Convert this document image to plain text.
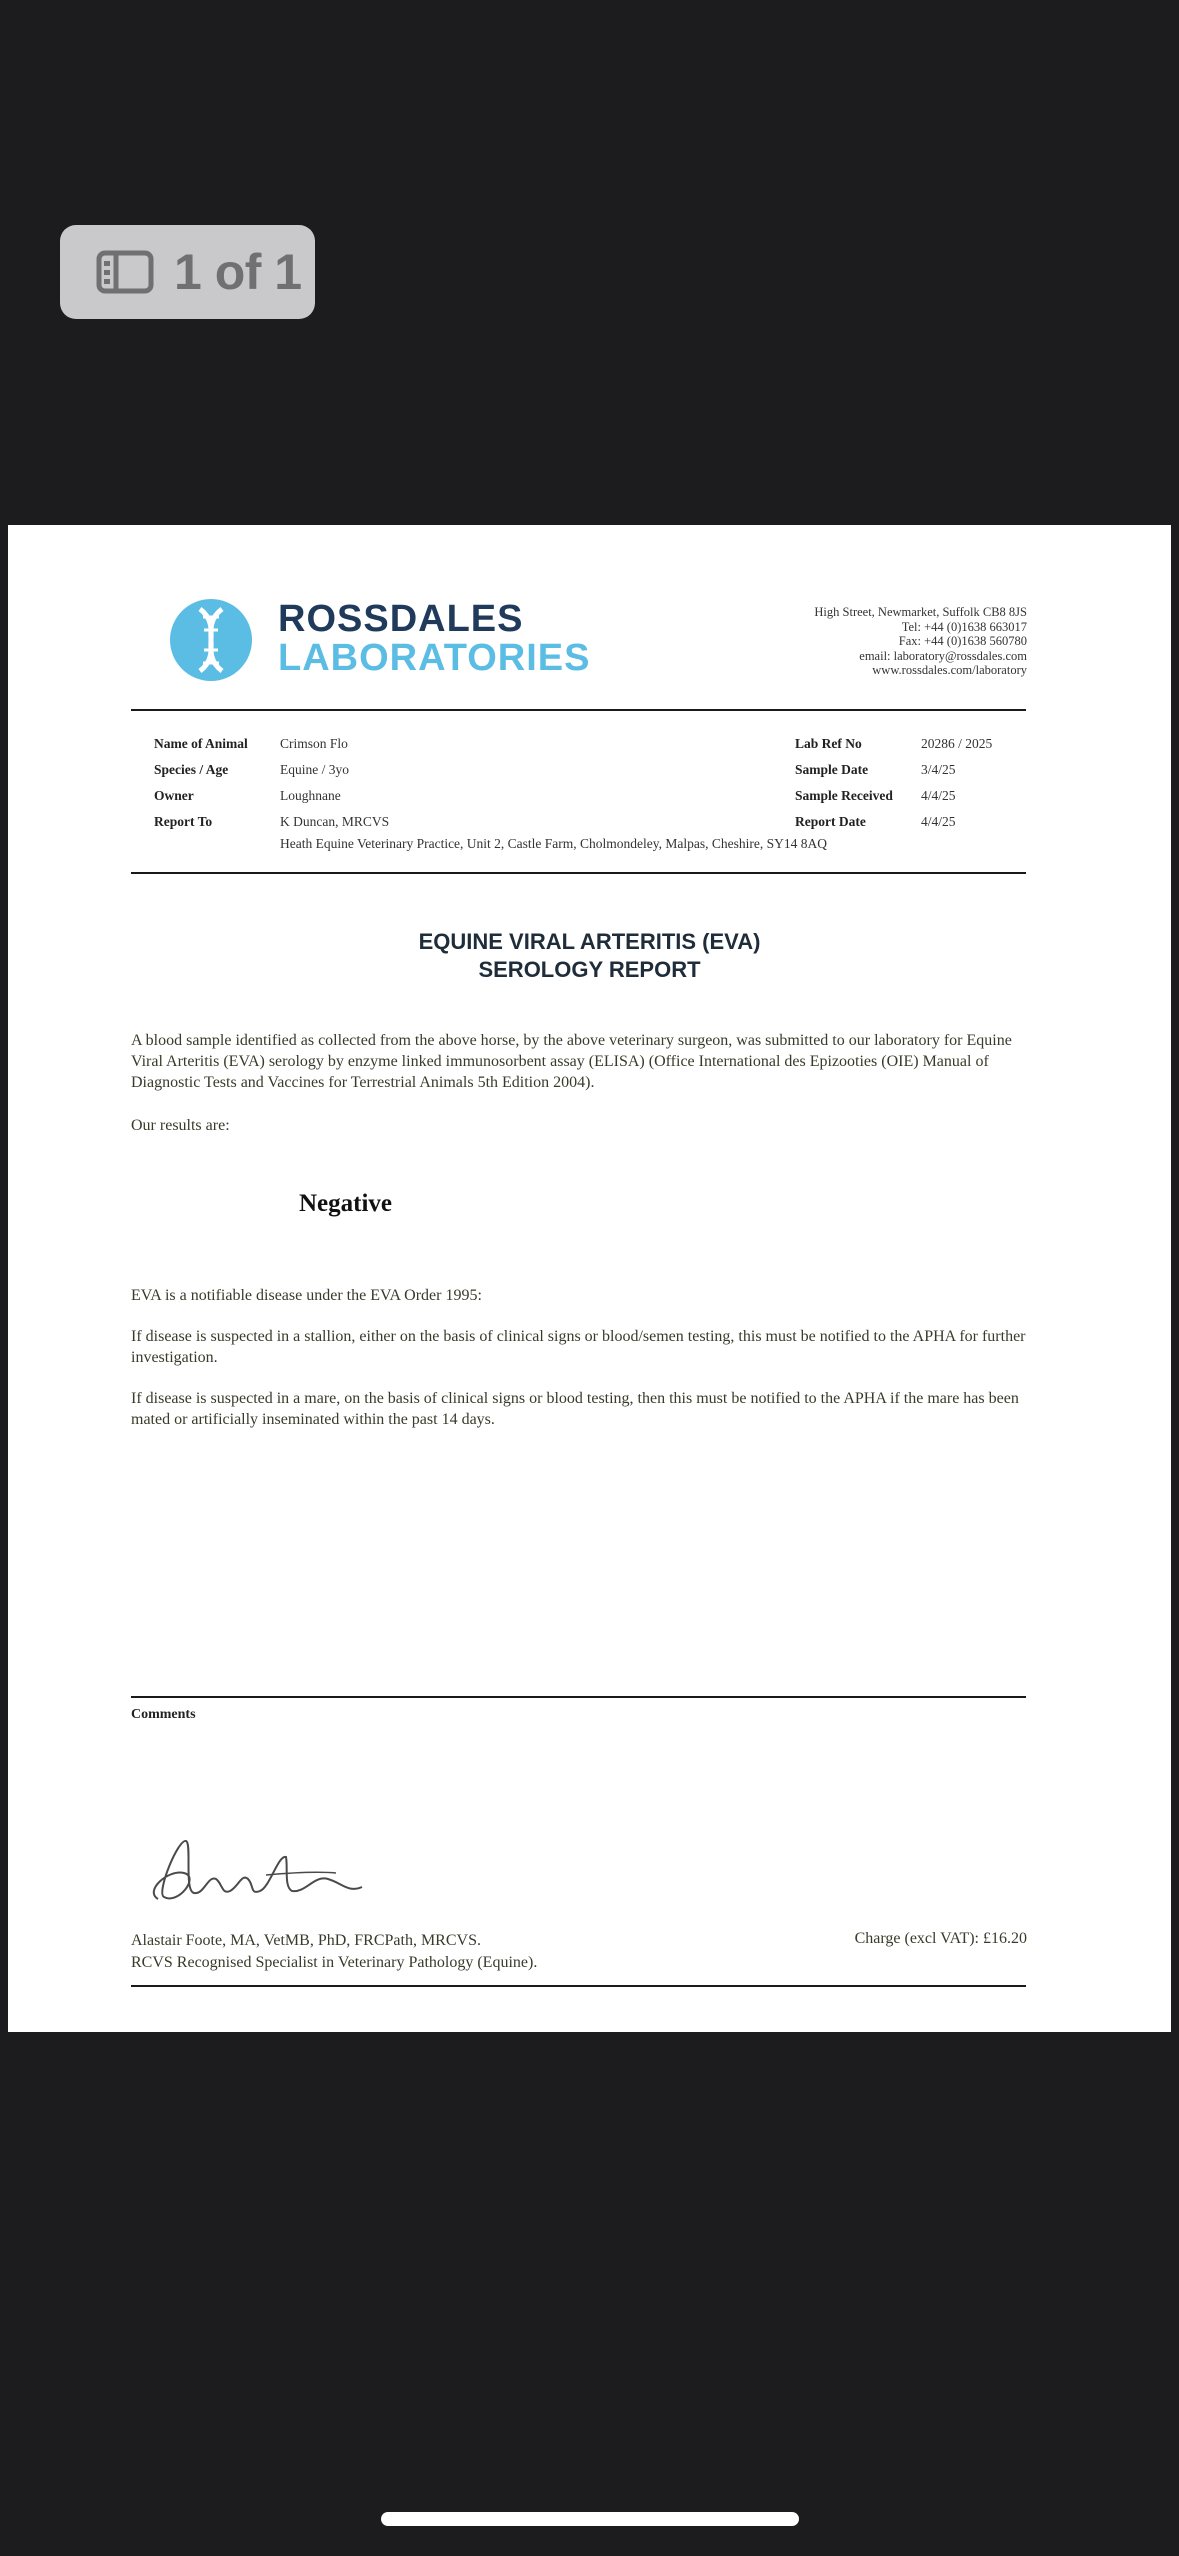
1 of 1
ROSSDALES
LABORATORIES
High Street, Newmarket, Suffolk CB8 8JS
Tel: +44 (0)1638 663017
Fax: +44 (0)1638 560780
email: laboratory@rossdales.com
www.rossdales.com/laboratory
Name of Animal Crimson Flo
Species / Age	Equine / 3yo
Owner	Loughnane
Report To	K Duncan, MRCVS
Heath Equine Veterinary Practice, Unit 2, Castle Farm, Cholmondeley, Malpas, Cheshire, SY14 8AQ
Lab Ref No	20286 / 2025
Sample Date	3/4/25
Sample Received 4/4/25
Report Date	4/4/25
EQUINE VIRAL ARTERITIS (EVA)
SEROLOGY REPORT
A blood sample identified as collected from the above horse, by the above veterinary surgeon, was submitted to our laboratory for Equine Viral Arteritis (EVA) serology by enzyme linked immunosorbent assay (ELISA) (Office International des Epizooties (OIE) Manual of Diagnostic Tests and Vaccines for Terrestrial Animals 5th Edition 2004).
Our results are:
Negative
EVA is a notifiable disease under the EVA Order 1995:
If disease is suspected in a stallion, either on the basis of clinical signs or blood/semen testing, this must be notified to the APHA for further investigation.
If disease is suspected in a mare, on the basis of clinical signs or blood testing, then this must be notified to the APHA if the mare has been mated or artificially inseminated within the past 14 days.
Comments
Alastair Foote, MA, VetMB, PhD, FRCPath, MRCVS.
RCVS Recognised Specialist in Veterinary Pathology (Equine).
Charge (excl VAT): £16.20
